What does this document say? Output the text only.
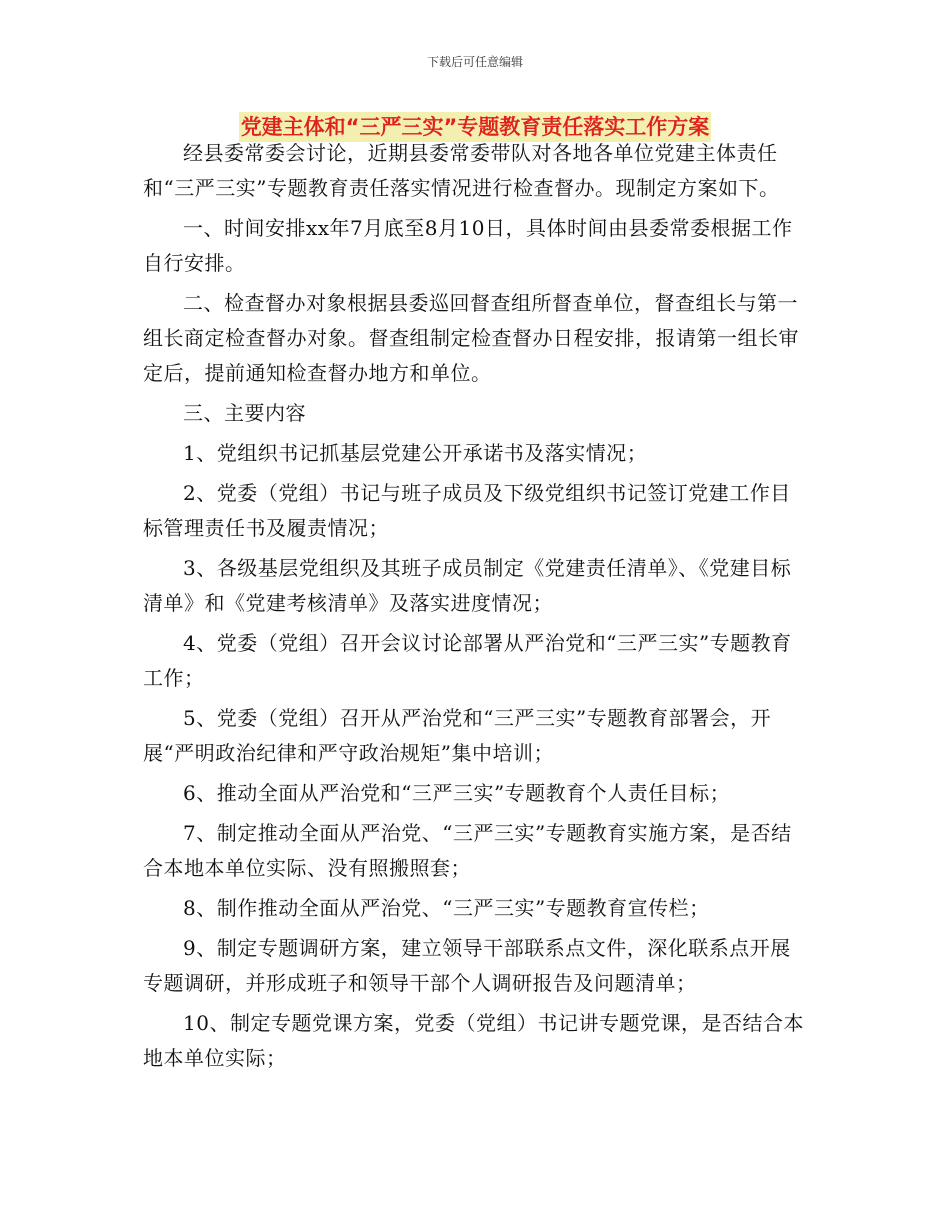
下载后可任意编辑
党建主体和“三严三实”专题教育责任落实工作方案

经县委常委会讨论，近期县委常委带队对各地各单位党建主体责任和“三严三实”专题教育责任落实情况进行检查督办。现制定方案如下。

一、时间安排xx年7月底至8月10日，具体时间由县委常委根据工作自行安排。

二、检查督办对象根据县委巡回督查组所督查单位，督查组长与第一组长商定检查督办对象。督查组制定检查督办日程安排，报请第一组长审定后，提前通知检查督办地方和单位。

三、主要内容

1、党组织书记抓基层党建公开承诺书及落实情况；

2、党委（党组）书记与班子成员及下级党组织书记签订党建工作目标管理责任书及履责情况；

3、各级基层党组织及其班子成员制定《党建责任清单》、《党建目标清单》和《党建考核清单》及落实进度情况；

4、党委（党组）召开会议讨论部署从严治党和“三严三实”专题教育工作；

5、党委（党组）召开从严治党和“三严三实”专题教育部署会，开展“严明政治纪律和严守政治规矩”集中培训；

6、推动全面从严治党和“三严三实”专题教育个人责任目标；

7、制定推动全面从严治党、“三严三实”专题教育实施方案，是否结合本地本单位实际、没有照搬照套；

8、制作推动全面从严治党、“三严三实”专题教育宣传栏；

9、制定专题调研方案，建立领导干部联系点文件，深化联系点开展专题调研，并形成班子和领导干部个人调研报告及问题清单；

10、制定专题党课方案，党委（党组）书记讲专题党课，是否结合本地本单位实际；
